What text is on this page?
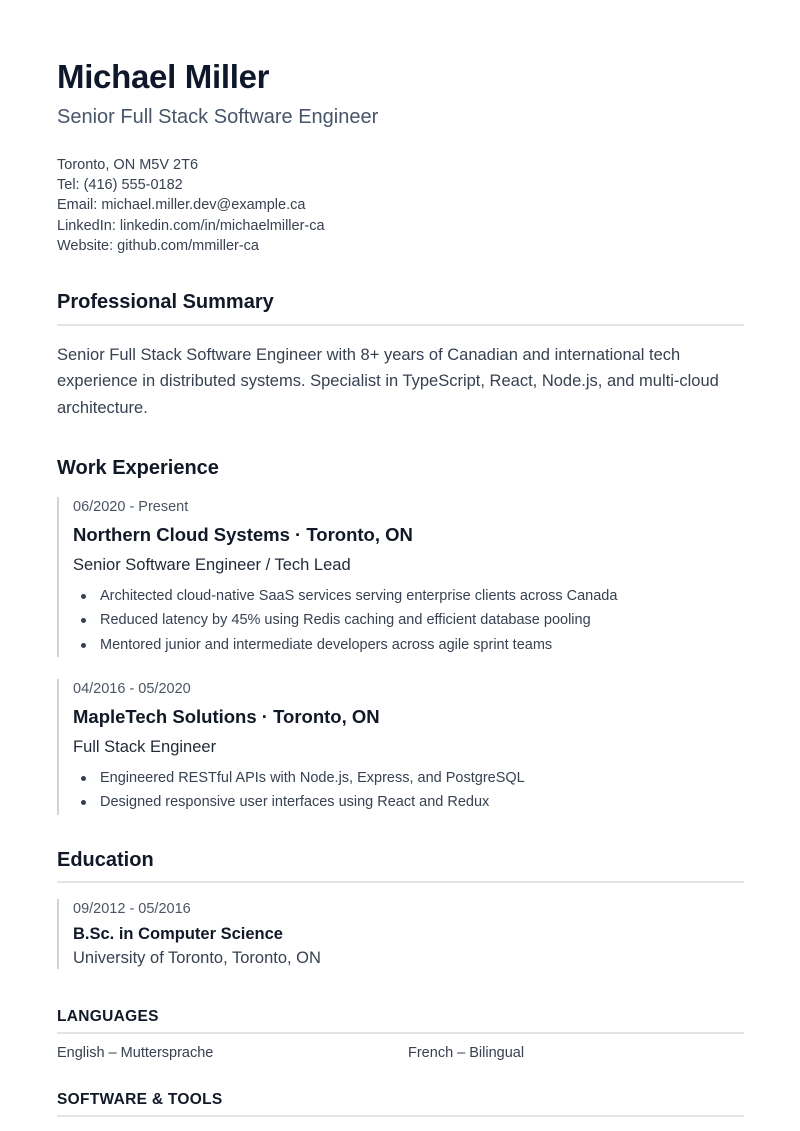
Michael Miller
Senior Full Stack Software Engineer
Toronto, ON M5V 2T6
Tel: (416) 555-0182
Email: michael.miller.dev@example.ca
LinkedIn: linkedin.com/in/michaelmiller-ca
Website: github.com/mmiller-ca
Professional Summary
Senior Full Stack Software Engineer with 8+ years of Canadian and international tech experience in distributed systems. Specialist in TypeScript, React, Node.js, and multi-cloud architecture.
Work Experience
06/2020 - Present
Northern Cloud Systems · Toronto, ON
Senior Software Engineer / Tech Lead
Architected cloud-native SaaS services serving enterprise clients across Canada
Reduced latency by 45% using Redis caching and efficient database pooling
Mentored junior and intermediate developers across agile sprint teams
04/2016 - 05/2020
MapleTech Solutions · Toronto, ON
Full Stack Engineer
Engineered RESTful APIs with Node.js, Express, and PostgreSQL
Designed responsive user interfaces using React and Redux
Education
09/2012 - 05/2016
B.Sc. in Computer Science
University of Toronto, Toronto, ON
LANGUAGES
English – Muttersprache	French – Bilingual
SOFTWARE & TOOLS
